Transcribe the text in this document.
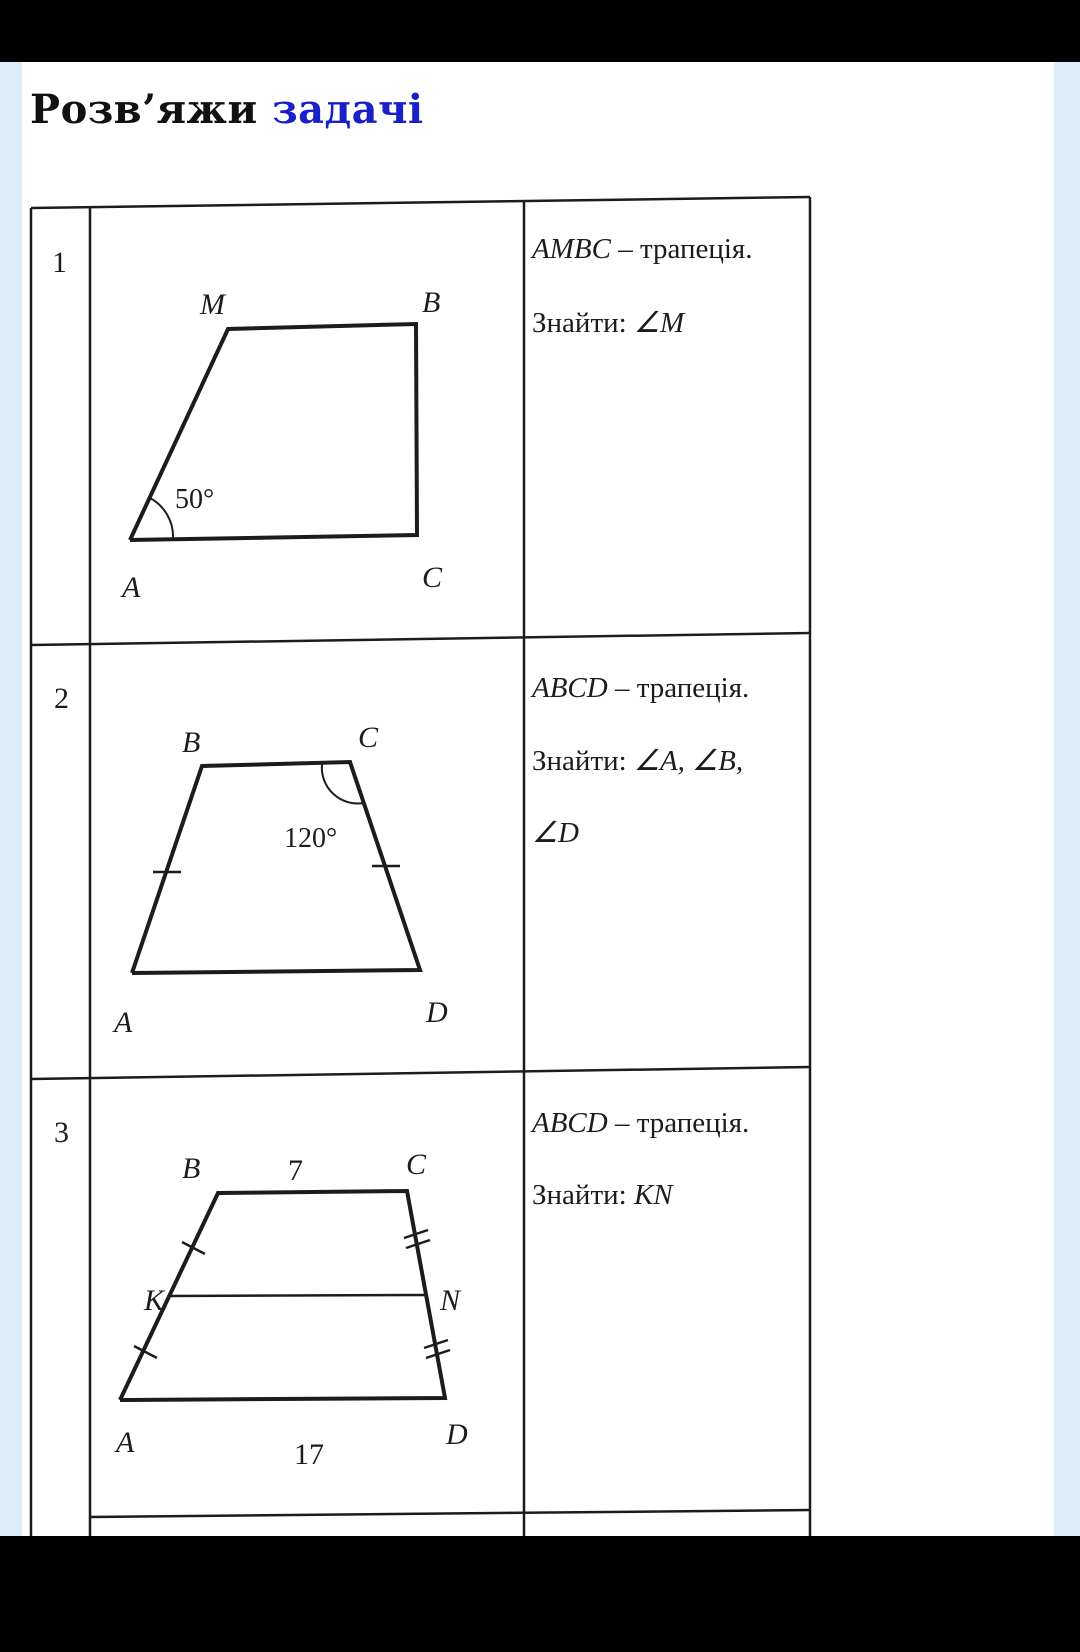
Розв’яжи задачі
1
M	B
A	C
50°
AMBC – трапеція.
Знайти: ∠M
2
B	C
A	D
120°
ABCD – трапеція.
Знайти: ∠A, ∠B,
∠D
3
B	C
A	D
K	N
7
17
ABCD – трапеція.
Знайти: KN
